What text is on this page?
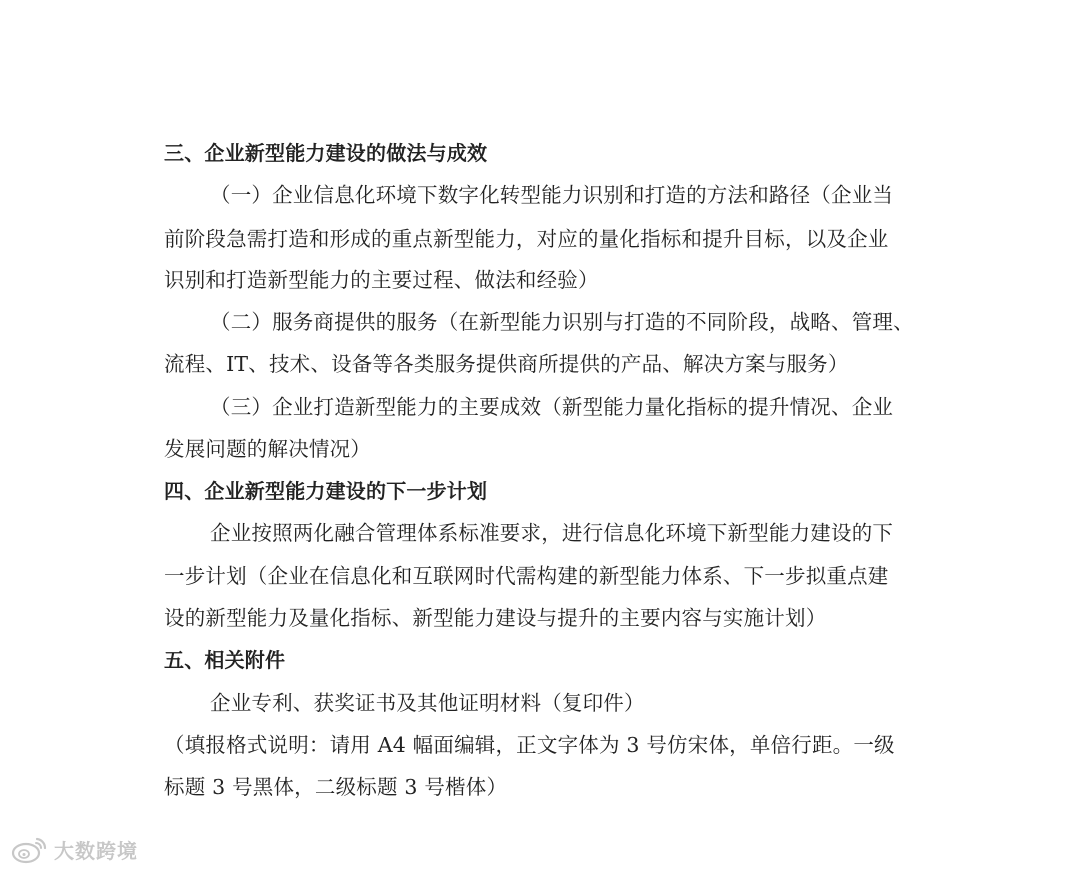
三、企业新型能力建设的做法与成效
（一）企业信息化环境下数字化转型能力识别和打造的方法和路径（企业当
前阶段急需打造和形成的重点新型能力，对应的量化指标和提升目标，以及企业
识别和打造新型能力的主要过程、做法和经验）
（二）服务商提供的服务（在新型能力识别与打造的不同阶段，战略、管理、
流程、IT、技术、设备等各类服务提供商所提供的产品、解决方案与服务）
（三）企业打造新型能力的主要成效（新型能力量化指标的提升情况、企业
发展问题的解决情况）
四、企业新型能力建设的下一步计划
企业按照两化融合管理体系标准要求，进行信息化环境下新型能力建设的下
一步计划（企业在信息化和互联网时代需构建的新型能力体系、下一步拟重点建
设的新型能力及量化指标、新型能力建设与提升的主要内容与实施计划）
五、相关附件
企业专利、获奖证书及其他证明材料（复印件）
（填报格式说明：请用 A4 幅面编辑，正文字体为 3 号仿宋体，单倍行距。一级
标题 3 号黑体，二级标题 3 号楷体）
大数跨境
